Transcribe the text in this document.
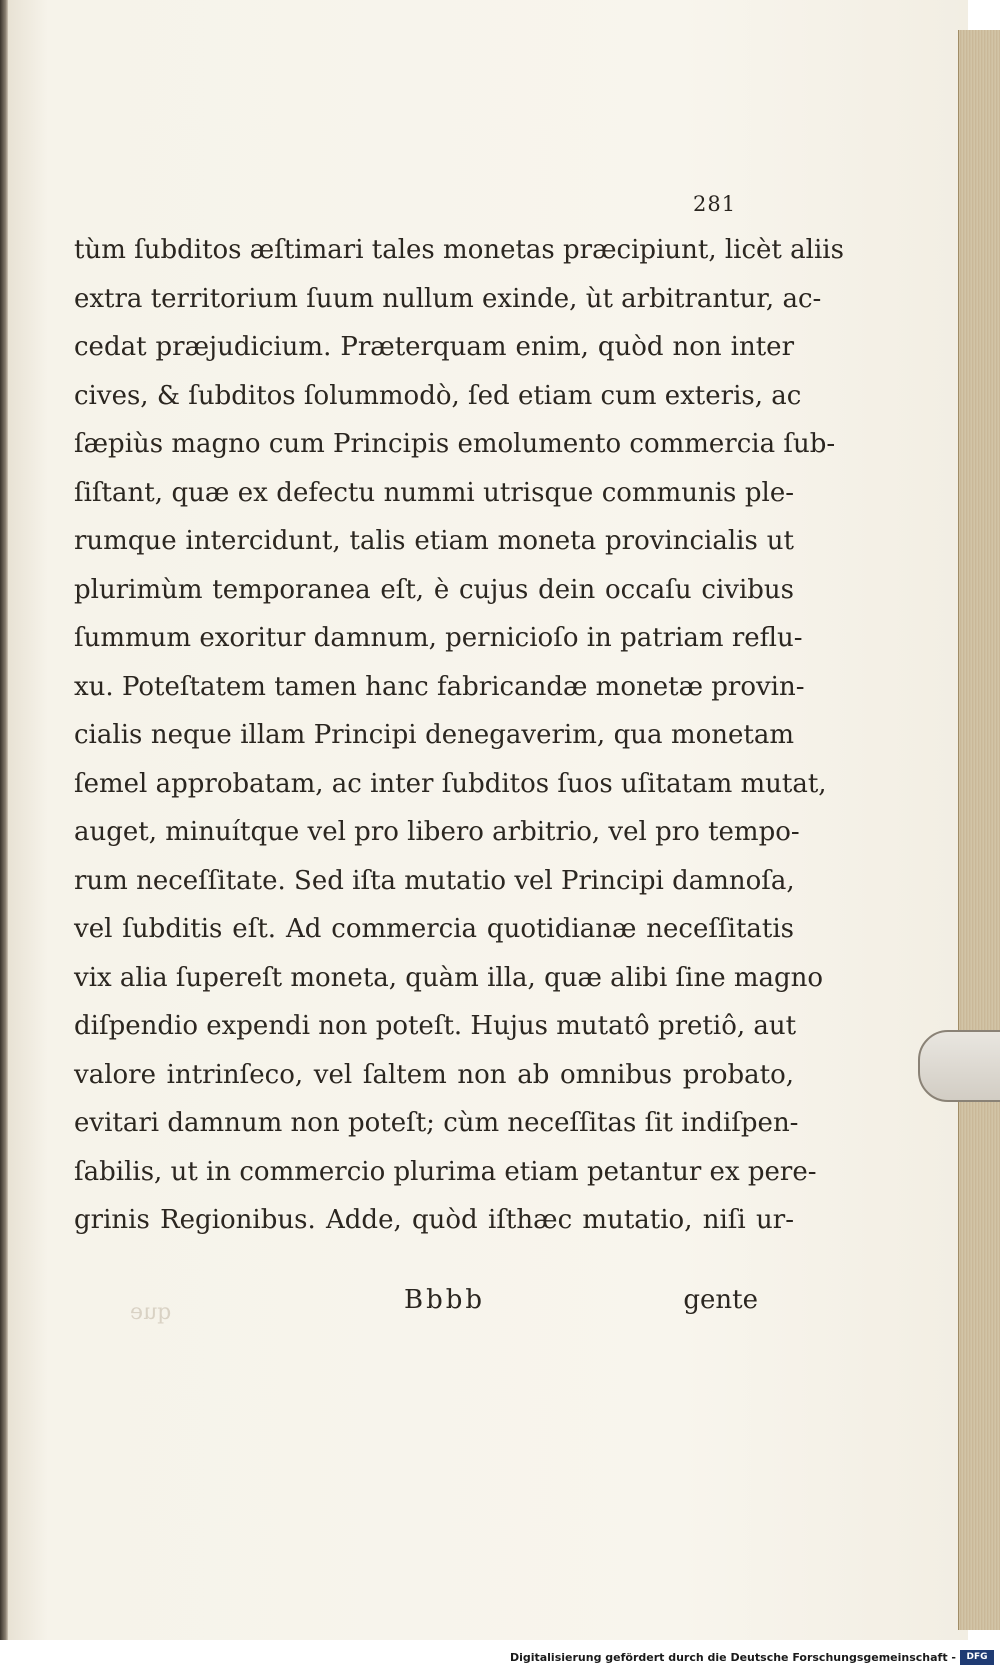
281
tùm ſubditos æſtimari tales monetas præcipiunt, licèt aliis
extra territorium ſuum nullum exinde, ùt arbitrantur, ac-
cedat præjudicium. Præterquam enim, quòd non inter
cives, & ſubditos ſolummodò, ſed etiam cum exteris, ac
ſæpiùs magno cum Principis emolumento commercia ſub-
ſiſtant, quæ ex defectu nummi utrisque communis ple-
rumque intercidunt, talis etiam moneta provincialis ut
plurimùm temporanea eſt, è cujus dein occaſu civibus
ſummum exoritur damnum, pernicioſo in patriam reflu-
xu. Poteſtatem tamen hanc fabricandæ monetæ provin-
cialis neque illam Principi denegaverim, qua monetam
ſemel approbatam, ac inter ſubditos ſuos uſitatam mutat,
auget, minuítque vel pro libero arbitrio, vel pro tempo-
rum neceſſitate. Sed iſta mutatio vel Principi damnoſa,
vel ſubditis eſt. Ad commercia quotidianæ neceſſitatis
vix alia ſupereſt moneta, quàm illa, quæ alibi ſine magno
diſpendio expendi non poteſt. Hujus mutatô pretiô, aut
valore intrinſeco, vel ſaltem non ab omnibus probato,
evitari damnum non poteſt; cùm neceſſitas ſit indiſpen-
ſabilis, ut in commercio plurima etiam petantur ex pere-
grinis Regionibus. Adde, quòd iſthæc mutatio, niſi ur-
que	Bbbb	gente
Digitalisierung gefördert durch die Deutsche Forschungsgemeinschaft -	DFG
